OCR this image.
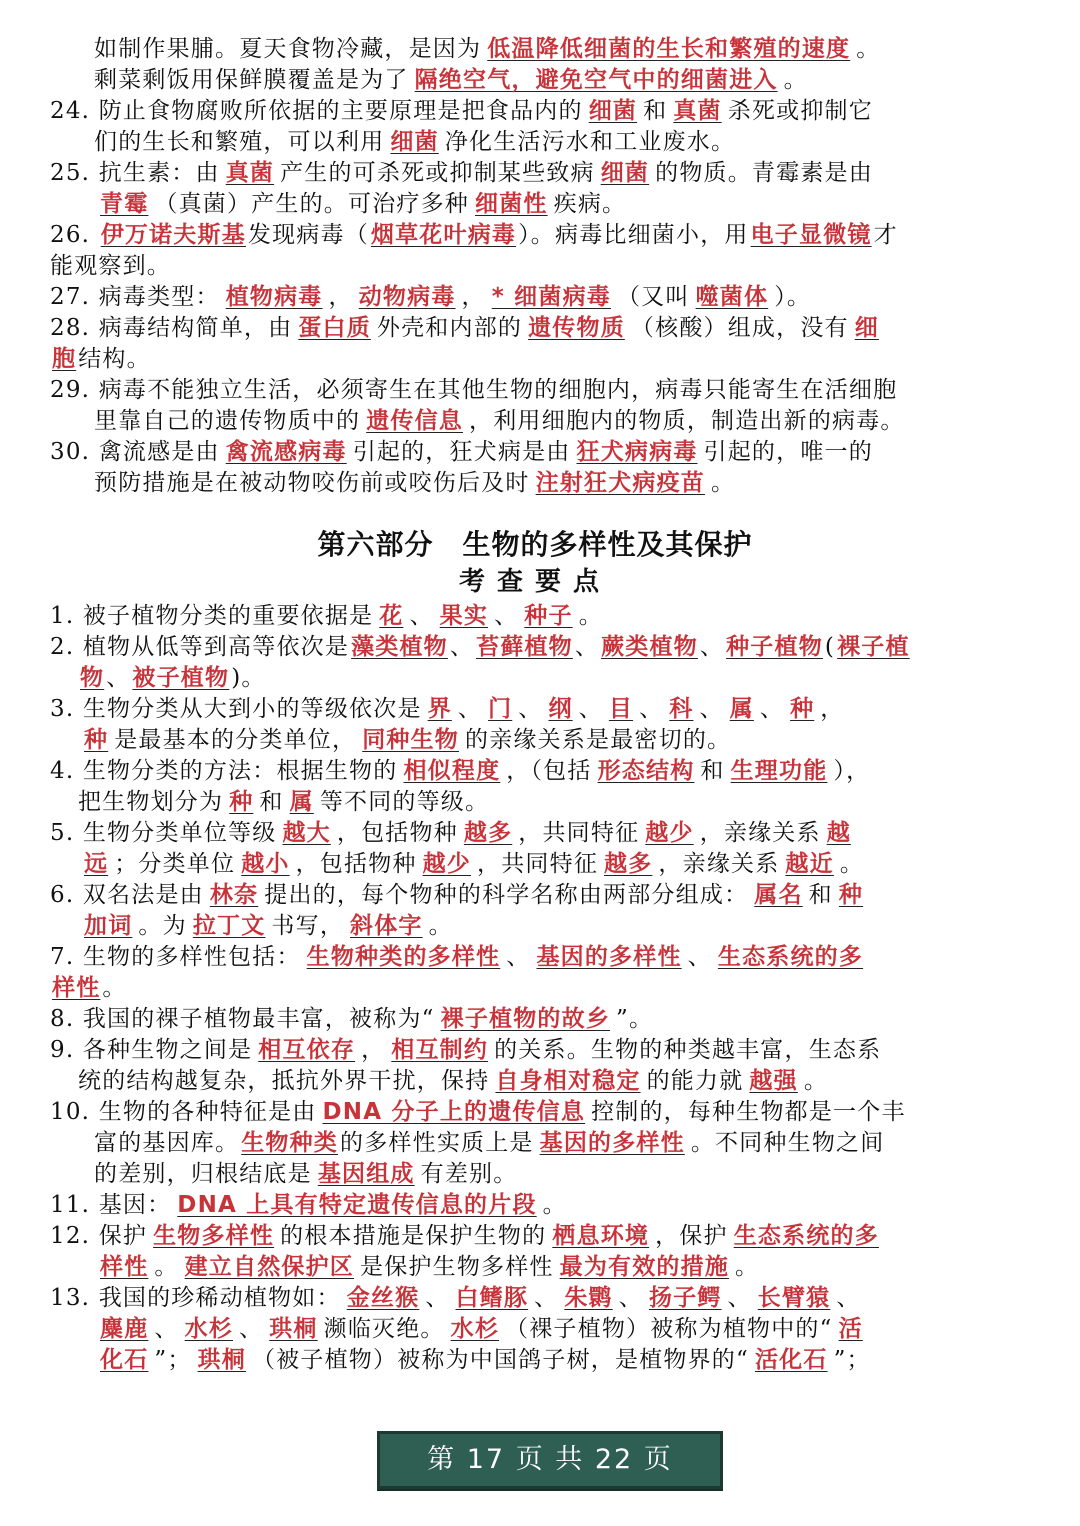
如制作果脯。夏天食物冷藏，是因为 低温降低细菌的生长和繁殖的速度 。
剩菜剩饭用保鲜膜覆盖是为了 隔绝空气，避免空气中的细菌进入 。
24. 防止食物腐败所依据的主要原理是把食品内的 细菌 和 真菌 杀死或抑制它
们的生长和繁殖，可以利用 细菌 净化生活污水和工业废水。
25. 抗生素：由 真菌 产生的可杀死或抑制某些致病 细菌 的物质。青霉素是由
青霉 （真菌）产生的。可治疗多种 细菌性 疾病。
26. 伊万诺夫斯基发现病毒（烟草花叶病毒）。病毒比细菌小，用电子显微镜才
能观察到。
27. 病毒类型： 植物病毒 ， 动物病毒 ， * 细菌病毒 （又叫 噬菌体 ）。
28. 病毒结构简单，由 蛋白质 外壳和内部的 遗传物质 （核酸）组成，没有 细
胞结构。
29. 病毒不能独立生活，必须寄生在其他生物的细胞内，病毒只能寄生在活细胞
里靠自己的遗传物质中的 遗传信息 ，利用细胞内的物质，制造出新的病毒。
30. 禽流感是由 禽流感病毒 引起的，狂犬病是由 狂犬病病毒 引起的，唯一的
预防措施是在被动物咬伤前或咬伤后及时 注射狂犬病疫苗 。
第六部分　生物的多样性及其保护
考查要点
1. 被子植物分类的重要依据是 花 、 果实 、 种子 。
2. 植物从低等到高等依次是藻类植物、苔藓植物、蕨类植物、种子植物(裸子植
物、被子植物)。
3. 生物分类从大到小的等级依次是 界 、 门 、 纲 、 目 、 科 、 属 、 种 ，
种 是最基本的分类单位， 同种生物 的亲缘关系是最密切的。
4. 生物分类的方法：根据生物的 相似程度 ，（包括 形态结构 和 生理功能 ），
把生物划分为 种 和 属 等不同的等级。
5. 生物分类单位等级 越大 ，包括物种 越多 ，共同特征 越少 ，亲缘关系 越
远 ；分类单位 越小 ，包括物种 越少 ，共同特征 越多 ，亲缘关系 越近 。
6. 双名法是由 林奈 提出的，每个物种的科学名称由两部分组成： 属名 和 种
加词 。为 拉丁文 书写， 斜体字 。
7. 生物的多样性包括： 生物种类的多样性 、 基因的多样性 、 生态系统的多
样性。
8. 我国的裸子植物最丰富，被称为“ 裸子植物的故乡 ”。
9. 各种生物之间是 相互依存 ， 相互制约 的关系。生物的种类越丰富，生态系
统的结构越复杂，抵抗外界干扰，保持 自身相对稳定 的能力就 越强 。
10. 生物的各种特征是由 DNA 分子上的遗传信息 控制的，每种生物都是一个丰
富的基因库。生物种类的多样性实质上是 基因的多样性 。不同种生物之间
的差别，归根结底是 基因组成 有差别。
11. 基因： DNA 上具有特定遗传信息的片段 。
12. 保护 生物多样性 的根本措施是保护生物的 栖息环境 ，保护 生态系统的多
样性 。 建立自然保护区 是保护生物多样性 最为有效的措施 。
13. 我国的珍稀动植物如： 金丝猴 、 白鳍豚 、 朱鹮 、 扬子鳄 、 长臂猿 、
麋鹿 、 水杉 、 珙桐 濒临灭绝。 水杉 （裸子植物）被称为植物中的“ 活
化石 ”； 珙桐 （被子植物）被称为中国鸽子树，是植物界的“ 活化石 ”；
第 17 页 共 22 页
